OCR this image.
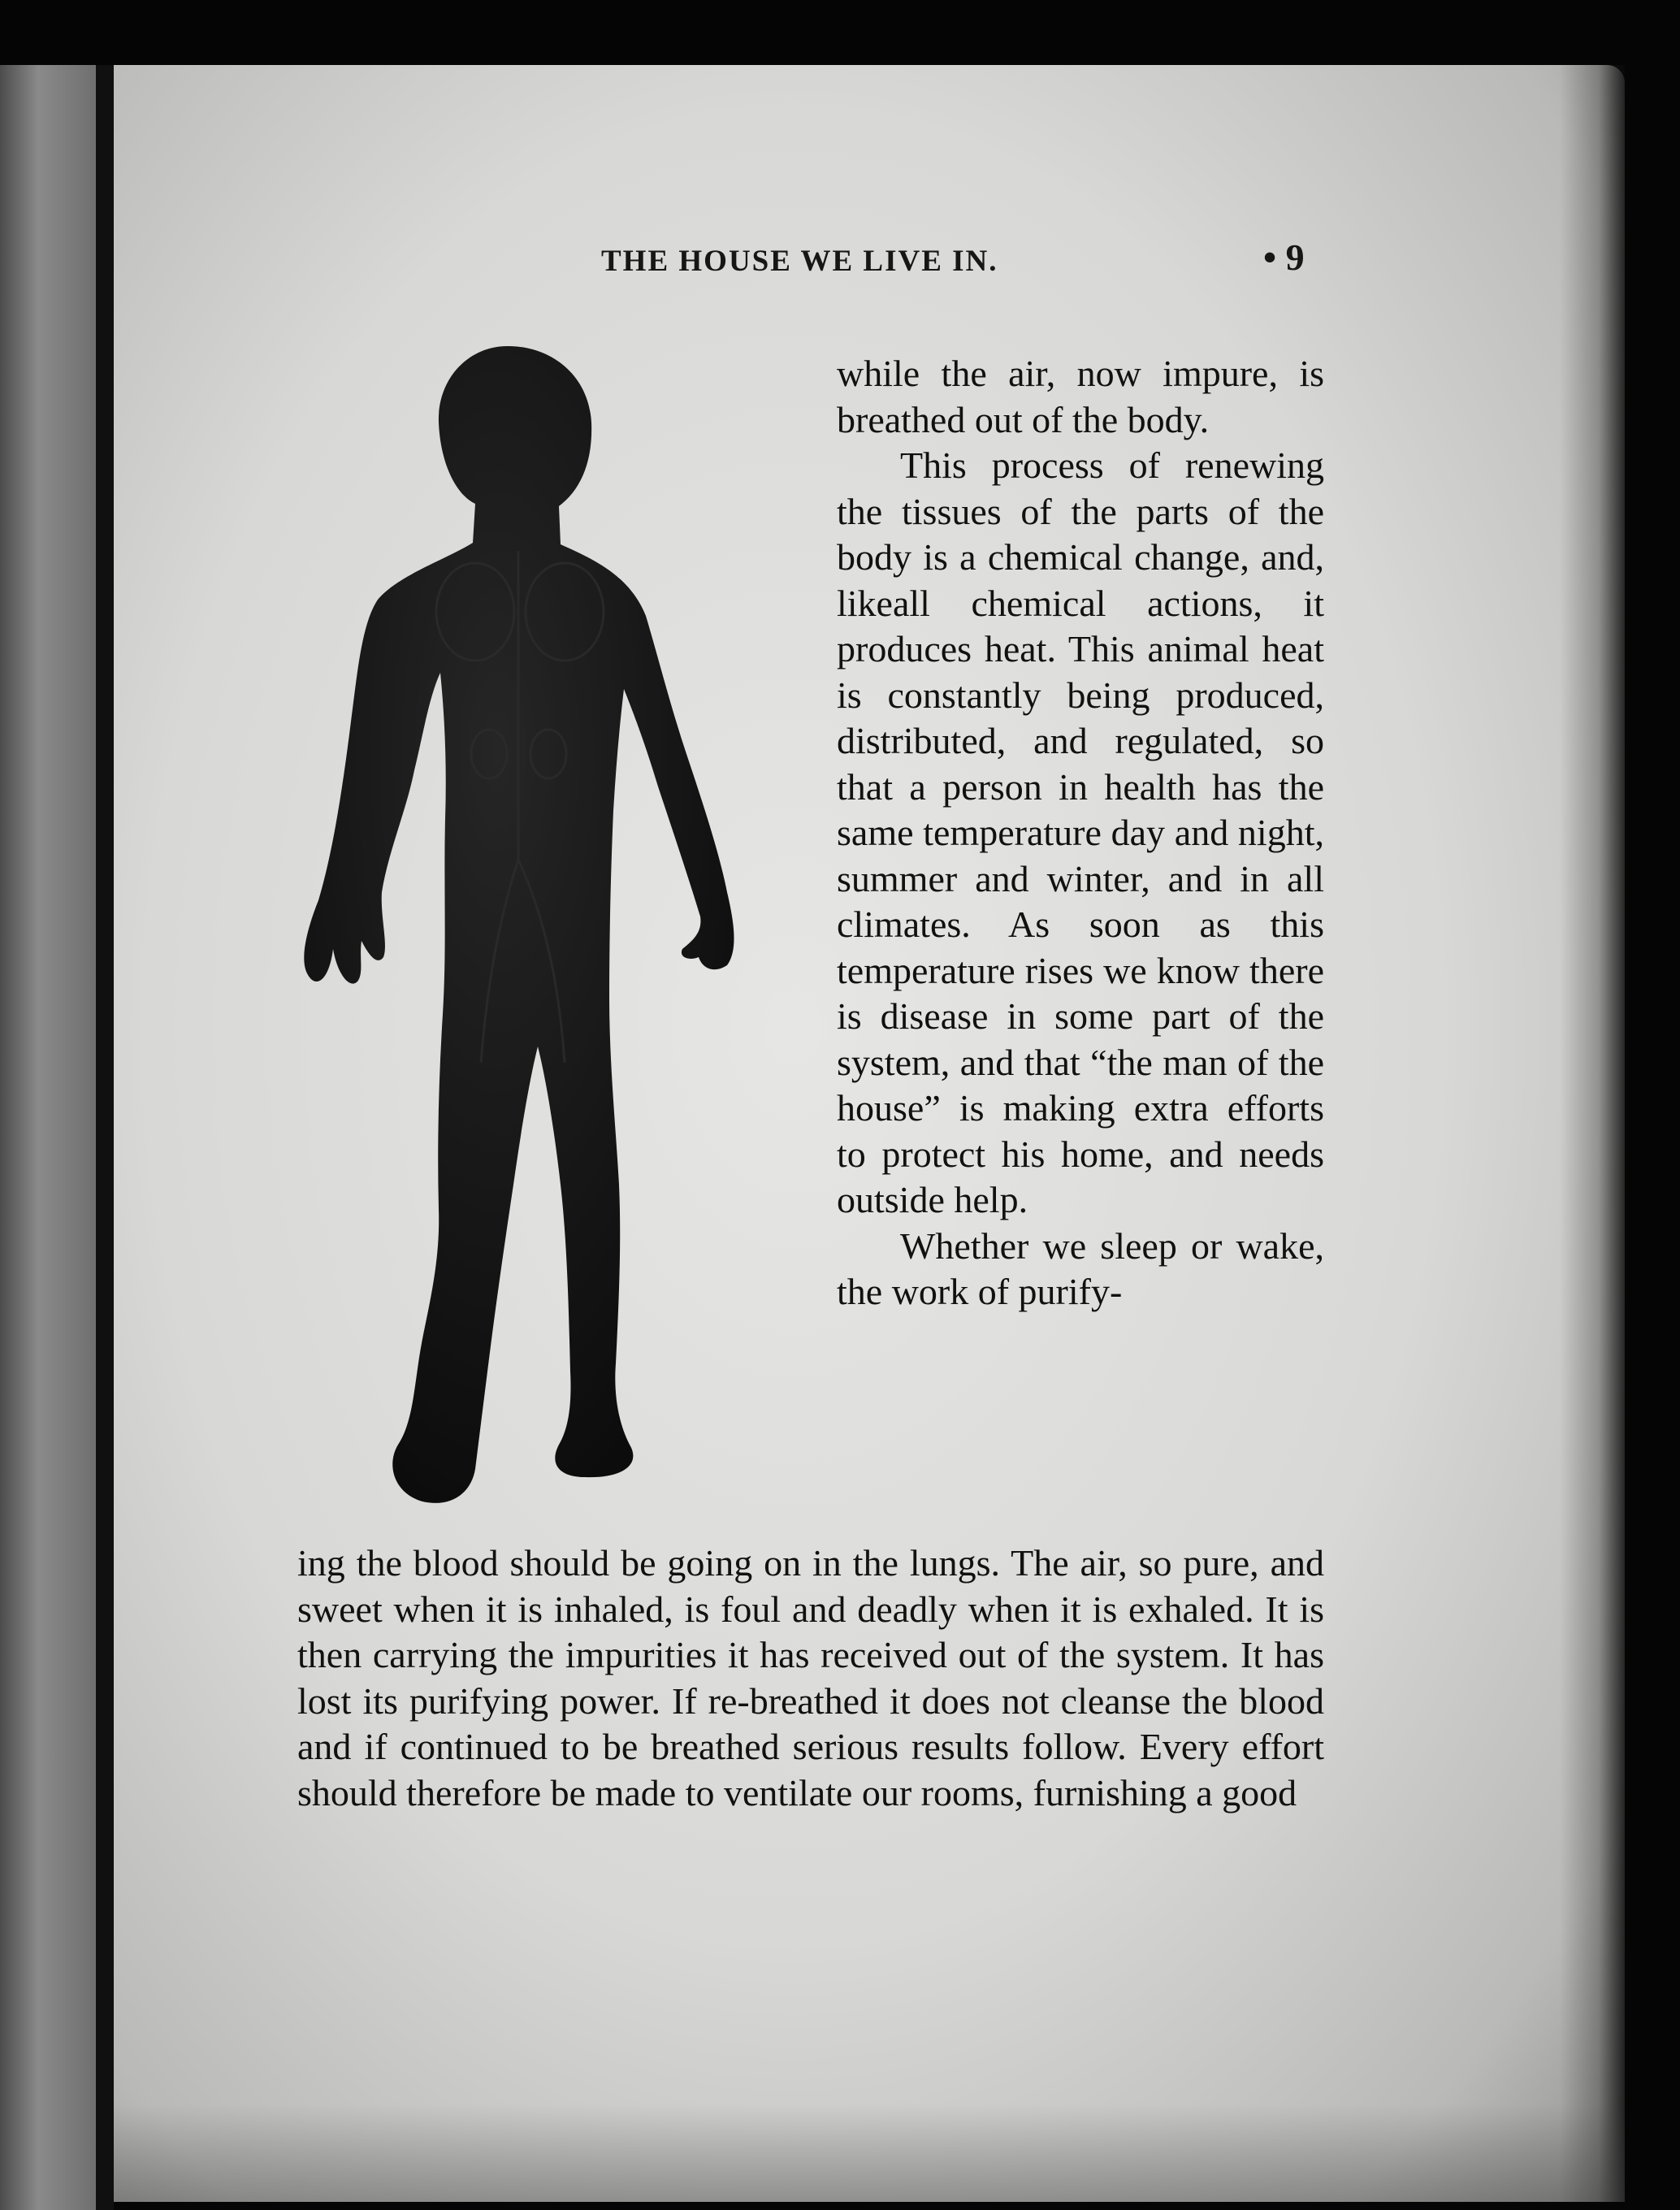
THE HOUSE WE LIVE IN.	• 9

while the air, now impure, is breathed out of the body.

This process of renewing the tissues of the parts of the body is a chemical change, and, likeall chemical actions, it produces heat. This animal heat is constantly being produced, distributed, and regulated, so that a person in health has the same temperature day and night, summer and winter, and in all climates. As soon as this temperature rises we know there is disease in some part of the system, and that “the man of the house” is making extra efforts to protect his home, and needs outside help.

Whether we sleep or wake, the work of purify-

ing the blood should be going on in the lungs. The air, so pure, and sweet when it is inhaled, is foul and deadly when it is exhaled. It is then carrying the impurities it has received out of the system. It has lost its purifying power. If re-breathed it does not cleanse the blood and if continued to be breathed serious results follow. Every effort should therefore be made to ventilate our rooms, furnishing a good
